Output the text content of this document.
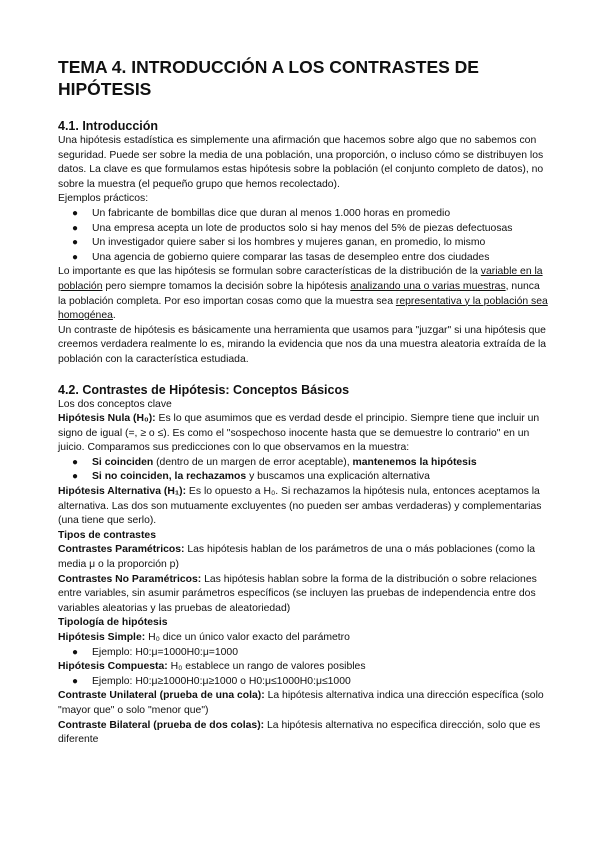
TEMA 4. INTRODUCCIÓN A LOS CONTRASTES DE HIPÓTESIS
4.1. Introducción

Una hipótesis estadística es simplemente una afirmación que hacemos sobre algo que no sabemos con seguridad. Puede ser sobre la media de una población, una proporción, o incluso cómo se distribuyen los datos. La clave es que formulamos estas hipótesis sobre la población (el conjunto completo de datos), no sobre la muestra (el pequeño grupo que hemos recolectado).

Ejemplos prácticos:

● Un fabricante de bombillas dice que duran al menos 1.000 horas en promedio
● Una empresa acepta un lote de productos solo si hay menos del 5% de piezas defectuosas
● Un investigador quiere saber si los hombres y mujeres ganan, en promedio, lo mismo
● Una agencia de gobierno quiere comparar las tasas de desempleo entre dos ciudades

Lo importante es que las hipótesis se formulan sobre características de la distribución de la variable en la población pero siempre tomamos la decisión sobre la hipótesis analizando una o varias muestras, nunca la población completa. Por eso importan cosas como que la muestra sea representativa y la población sea homogénea.

Un contraste de hipótesis es básicamente una herramienta que usamos para "juzgar" si una hipótesis que creemos verdadera realmente lo es, mirando la evidencia que nos da una muestra aleatoria extraída de la población con la característica estudiada.

4.2. Contrastes de Hipótesis: Conceptos Básicos

Los dos conceptos clave

Hipótesis Nula (H₀): Es lo que asumimos que es verdad desde el principio. Siempre tiene que incluir un signo de igual (=, ≥ o ≤). Es como el "sospechoso inocente hasta que se demuestre lo contrario" en un juicio. Comparamos sus predicciones con lo que observamos en la muestra:

● Si coinciden (dentro de un margen de error aceptable), mantenemos la hipótesis
● Si no coinciden, la rechazamos y buscamos una explicación alternativa

Hipótesis Alternativa (H₁): Es lo opuesto a H₀. Si rechazamos la hipótesis nula, entonces aceptamos la alternativa. Las dos son mutuamente excluyentes (no pueden ser ambas verdaderas) y complementarias (una tiene que serlo).

Tipos de contrastes

Contrastes Paramétricos: Las hipótesis hablan de los parámetros de una o más poblaciones (como la media μ o la proporción p)

Contrastes No Paramétricos: Las hipótesis hablan sobre la forma de la distribución o sobre relaciones entre variables, sin asumir parámetros específicos (se incluyen las pruebas de independencia entre dos variables aleatorias y las pruebas de aleatoriedad)

Tipología de hipótesis

Hipótesis Simple: H₀ dice un único valor exacto del parámetro

● Ejemplo: H0:μ=1000H0:μ=1000

Hipótesis Compuesta: H₀ establece un rango de valores posibles

● Ejemplo: H0:μ≥1000H0:μ≥1000 o H0:μ≤1000H0:μ≤1000

Contraste Unilateral (prueba de una cola): La hipótesis alternativa indica una dirección específica (solo "mayor que" o solo "menor que")

Contraste Bilateral (prueba de dos colas): La hipótesis alternativa no especifica dirección, solo que es diferente
